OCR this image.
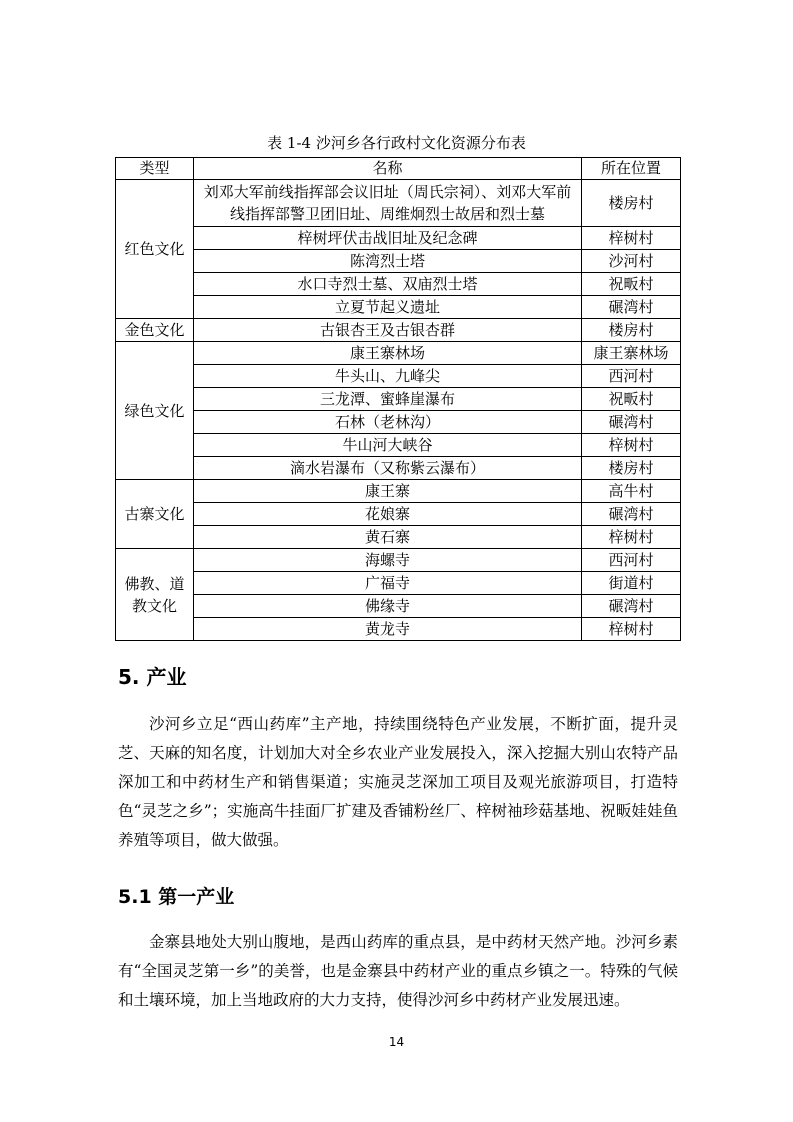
表 1-4 沙河乡各行政村文化资源分布表
类型	名称	所在位置
红色文化	刘邓大军前线指挥部会议旧址（周氏宗祠）、刘邓大军前线指挥部警卫团旧址、周维炯烈士故居和烈士墓	楼房村
	梓树坪伏击战旧址及纪念碑	梓树村
	陈湾烈士塔	沙河村
	水口寺烈士墓、双庙烈士塔	祝畈村
	立夏节起义遗址	碾湾村
金色文化	古银杏王及古银杏群	楼房村
绿色文化	康王寨林场	康王寨林场
	牛头山、九峰尖	西河村
	三龙潭、蜜蜂崖瀑布	祝畈村
	石林（老林沟）	碾湾村
	牛山河大峡谷	梓树村
	滴水岩瀑布（又称紫云瀑布）	楼房村
古寨文化	康王寨	高牛村
	花娘寨	碾湾村
	黄石寨	梓树村
佛教、道教文化	海螺寺	西河村
	广福寺	街道村
	佛缘寺	碾湾村
	黄龙寺	梓树村
5. 产业

沙河乡立足“西山药库”主产地，持续围绕特色产业发展，不断扩面，提升灵芝、天麻的知名度，计划加大对全乡农业产业发展投入，深入挖掘大别山农特产品深加工和中药材生产和销售渠道；实施灵芝深加工项目及观光旅游项目，打造特色“灵芝之乡”；实施高牛挂面厂扩建及香铺粉丝厂、梓树袖珍菇基地、祝畈娃娃鱼养殖等项目，做大做强。

5.1 第一产业

金寨县地处大别山腹地，是西山药库的重点县，是中药材天然产地。沙河乡素有“全国灵芝第一乡”的美誉，也是金寨县中药材产业的重点乡镇之一。特殊的气候和土壤环境，加上当地政府的大力支持，使得沙河乡中药材产业发展迅速。

14
